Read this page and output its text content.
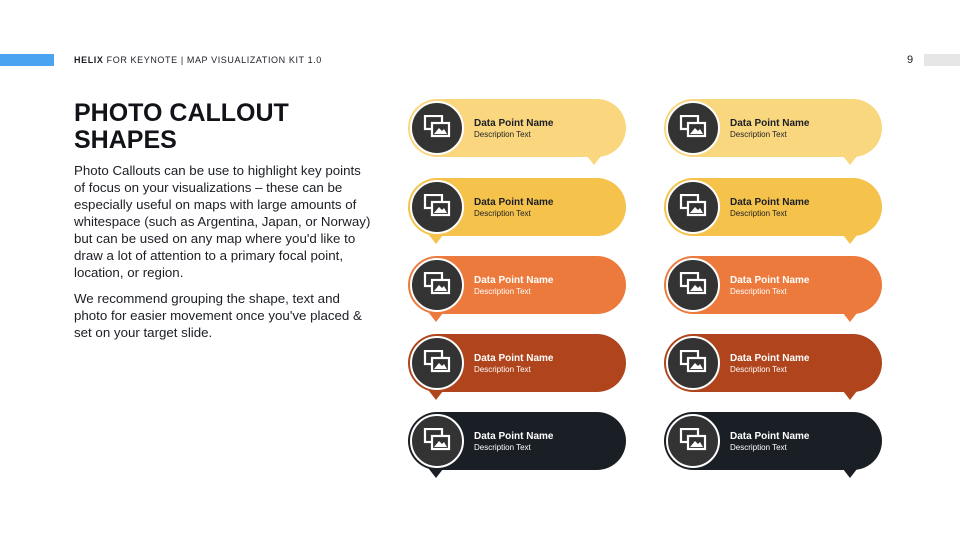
HELIX FOR KEYNOTE | MAP VISUALIZATION KIT 1.0	9
PHOTO CALLOUT
SHAPES

Photo Callouts can be use to highlight key points of focus on your visualizations – these can be especially useful on maps with large amounts of whitespace (such as Argentina, Japan, or Norway) but can be used on any map where you'd like to draw a lot of attention to a primary focal point, location, or region.

We recommend grouping the shape, text and photo for easier movement once you've placed & set on your target slide.

Data Point Name
Description Text
Data Point Name
Description Text
Data Point Name
Description Text
Data Point Name
Description Text
Data Point Name
Description Text
Data Point Name
Description Text
Data Point Name
Description Text
Data Point Name
Description Text
Data Point Name
Description Text
Data Point Name
Description Text
